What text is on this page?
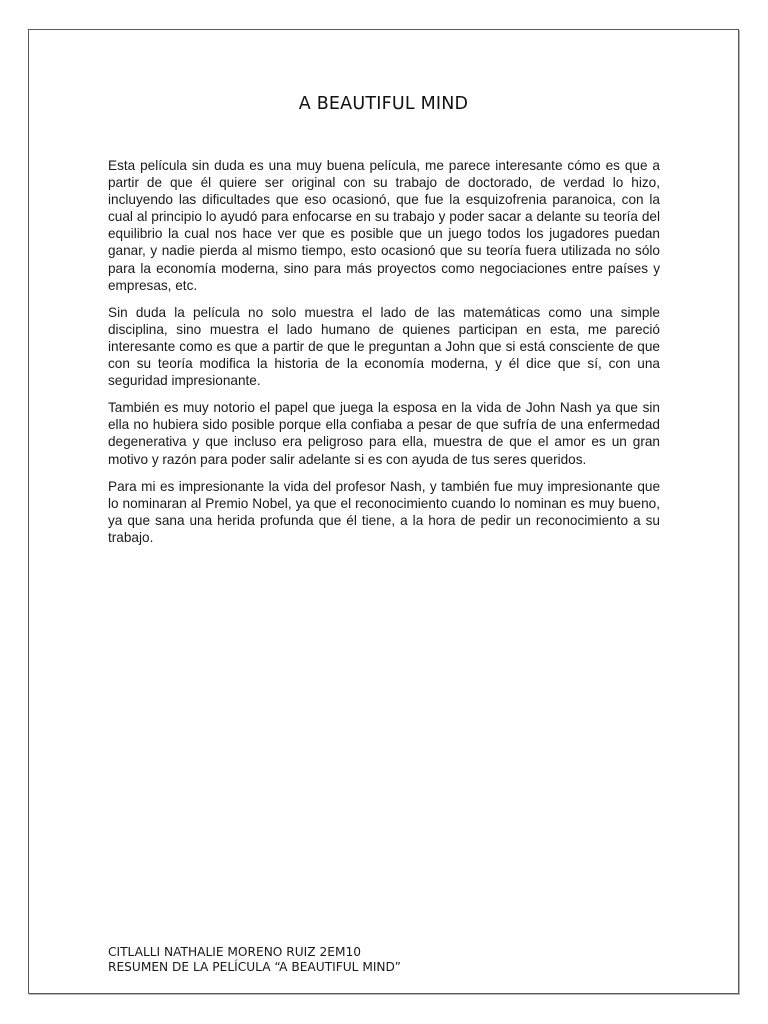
A BEAUTIFUL MIND

Esta película sin duda es una muy buena película, me parece interesante cómo es que a partir de que él quiere ser original con su trabajo de doctorado, de verdad lo hizo, incluyendo las dificultades que eso ocasionó, que fue la esquizofrenia paranoica, con la cual al principio lo ayudó para enfocarse en su trabajo y poder sacar a delante su teoría del equilibrio la cual nos hace ver que es posible que un juego todos los jugadores puedan ganar, y nadie pierda al mismo tiempo, esto ocasionó que su teoría fuera utilizada no sólo para la economía moderna, sino para más proyectos como negociaciones entre países y empresas, etc.

Sin duda la película no solo muestra el lado de las matemáticas como una simple disciplina, sino muestra el lado humano de quienes participan en esta, me pareció interesante como es que a partir de que le preguntan a John que si está consciente de que con su teoría modifica la historia de la economía moderna, y él dice que sí, con una seguridad impresionante.

También es muy notorio el papel que juega la esposa en la vida de John Nash ya que sin ella no hubiera sido posible porque ella confiaba a pesar de que sufría de una enfermedad degenerativa y que incluso era peligroso para ella, muestra de que el amor es un gran motivo y razón para poder salir adelante si es con ayuda de tus seres queridos.

Para mi es impresionante la vida del profesor Nash, y también fue muy impresionante que lo nominaran al Premio Nobel, ya que el reconocimiento cuando lo nominan es muy bueno, ya que sana una herida profunda que él tiene, a la hora de pedir un reconocimiento a su trabajo.

CITLALLI NATHALIE MORENO RUIZ 2EM10
RESUMEN DE LA PELÍCULA “A BEAUTIFUL MIND”
